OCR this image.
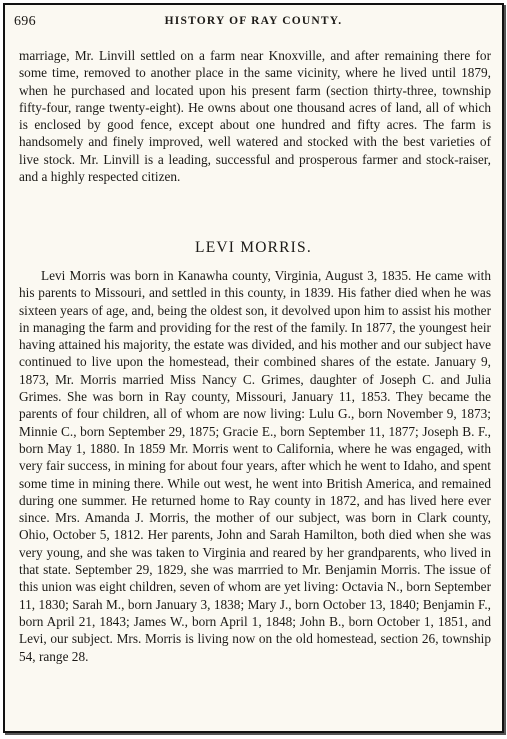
696	HISTORY OF RAY COUNTY.

marriage, Mr. Linvill settled on a farm near Knoxville, and after remaining there for some time, removed to another place in the same vicinity, where he lived until 1879, when he purchased and located upon his present farm (section thirty-three, township fifty-four, range twenty-eight). He owns about one thousand acres of land, all of which is enclosed by good fence, except about one hundred and fifty acres. The farm is handsomely and finely improved, well watered and stocked with the best varieties of live stock. Mr. Linvill is a leading, successful and prosperous farmer and stock-raiser, and a highly respected citizen.

LEVI MORRIS.

Levi Morris was born in Kanawha county, Virginia, August 3, 1835. He came with his parents to Missouri, and settled in this county, in 1839. His father died when he was sixteen years of age, and, being the oldest son, it devolved upon him to assist his mother in managing the farm and providing for the rest of the family. In 1877, the youngest heir having attained his majority, the estate was divided, and his mother and our subject have continued to live upon the homestead, their combined shares of the estate. January 9, 1873, Mr. Morris married Miss Nancy C. Grimes, daughter of Joseph C. and Julia Grimes. She was born in Ray county, Missouri, January 11, 1853. They became the parents of four children, all of whom are now living: Lulu G., born November 9, 1873; Minnie C., born September 29, 1875; Gracie E., born September 11, 1877; Joseph B. F., born May 1, 1880. In 1859 Mr. Morris went to California, where he was engaged, with very fair success, in mining for about four years, after which he went to Idaho, and spent some time in mining there. While out west, he went into British America, and remained during one summer. He returned home to Ray county in 1872, and has lived here ever since. Mrs. Amanda J. Morris, the mother of our subject, was born in Clark county, Ohio, October 5, 1812. Her parents, John and Sarah Hamilton, both died when she was very young, and she was taken to Virginia and reared by her grandparents, who lived in that state. September 29, 1829, she was marrried to Mr. Benjamin Morris. The issue of this union was eight children, seven of whom are yet living: Octavia N., born September 11, 1830; Sarah M., born January 3, 1838; Mary J., born October 13, 1840; Benjamin F., born April 21, 1843; James W., born April 1, 1848; John B., born October 1, 1851, and Levi, our subject. Mrs. Morris is living now on the old homestead, section 26, township 54, range 28.
